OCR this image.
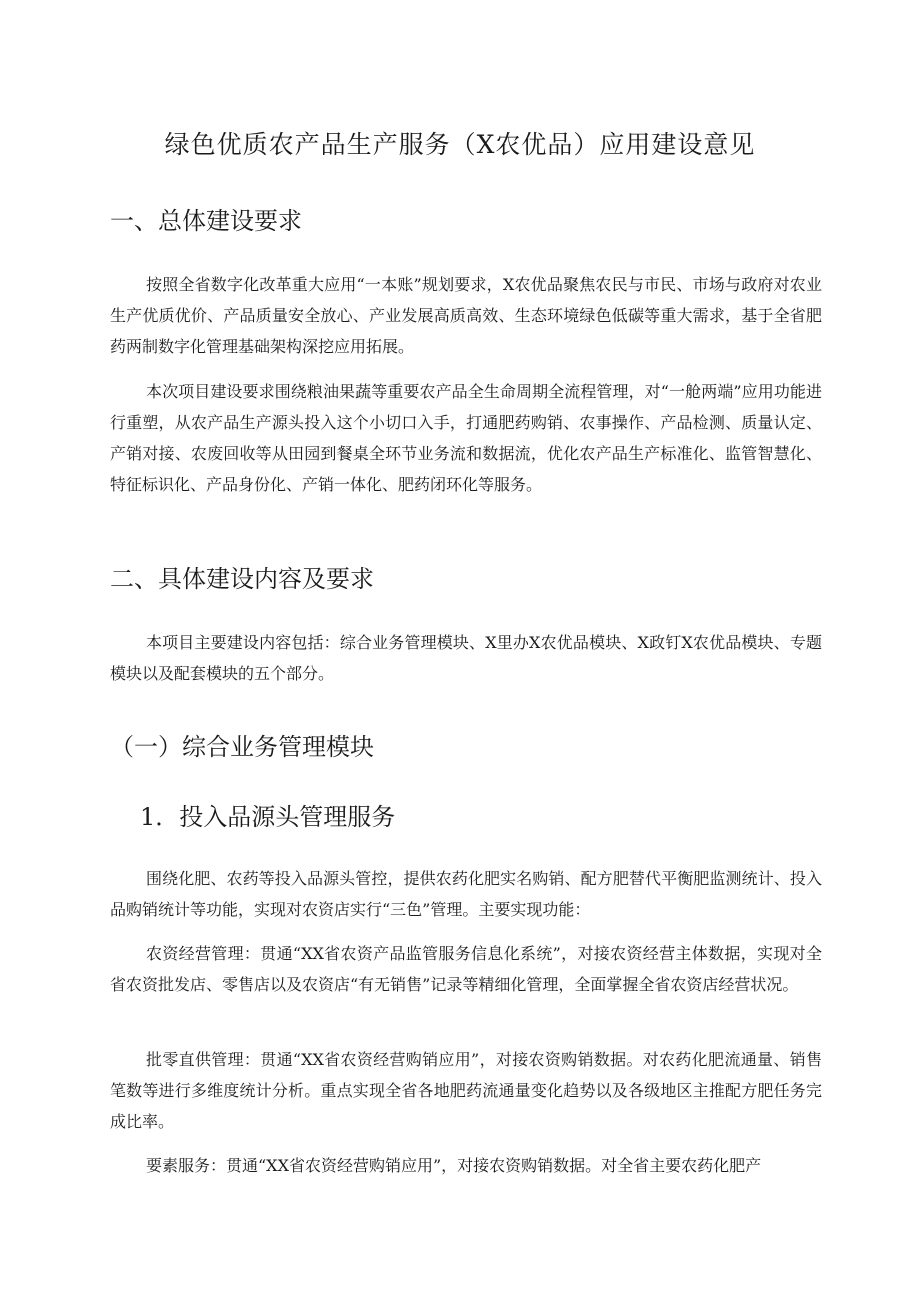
绿色优质农产品生产服务（X农优品）应用建设意见
一、总体建设要求

按照全省数字化改革重大应用“一本账”规划要求，X农优品聚焦农民与市民、市场与政府对农业生产优质优价、产品质量安全放心、产业发展高质高效、生态环境绿色低碳等重大需求，基于全省肥药两制数字化管理基础架构深挖应用拓展。

本次项目建设要求围绕粮油果蔬等重要农产品全生命周期全流程管理，对“一舱两端”应用功能进行重塑，从农产品生产源头投入这个小切口入手，打通肥药购销、农事操作、产品检测、质量认定、产销对接、农废回收等从田园到餐桌全环节业务流和数据流，优化农产品生产标准化、监管智慧化、特征标识化、产品身份化、产销一体化、肥药闭环化等服务。

二、具体建设内容及要求

本项目主要建设内容包括：综合业务管理模块、X里办X农优品模块、X政钉X农优品模块、专题模块以及配套模块的五个部分。

（一）综合业务管理模块
1．投入品源头管理服务

围绕化肥、农药等投入品源头管控，提供农药化肥实名购销、配方肥替代平衡肥监测统计、投入品购销统计等功能，实现对农资店实行“三色”管理。主要实现功能：

农资经营管理：贯通“XX省农资产品监管服务信息化系统”，对接农资经营主体数据，实现对全省农资批发店、零售店以及农资店“有无销售”记录等精细化管理，全面掌握全省农资店经营状况。

批零直供管理：贯通“XX省农资经营购销应用”，对接农资购销数据。对农药化肥流通量、销售笔数等进行多维度统计分析。重点实现全省各地肥药流通量变化趋势以及各级地区主推配方肥任务完成比率。

要素服务：贯通“XX省农资经营购销应用”，对接农资购销数据。对全省主要农药化肥产
